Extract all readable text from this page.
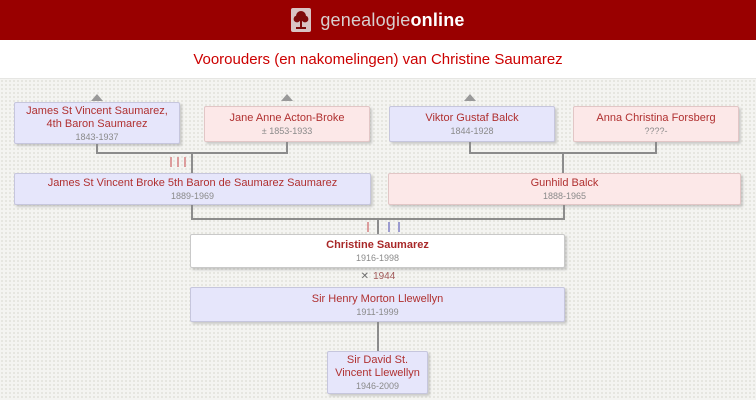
genealogieonline
Voorouders (en nakomelingen) van Christine Saumarez
James St Vincent Saumarez, 4th Baron Saumarez
1843-1937
Jane Anne Acton-Broke
± 1853-1933
Viktor Gustaf Balck
1844-1928
Anna Christina Forsberg
????-
James St Vincent Broke 5th Baron de Saumarez Saumarez
1889-1969
Gunhild Balck
1888-1965
Christine Saumarez
1916-1998
✕ 1944
Sir Henry Morton Llewellyn
1911-1999
Sir David St. Vincent Llewellyn
1946-2009
